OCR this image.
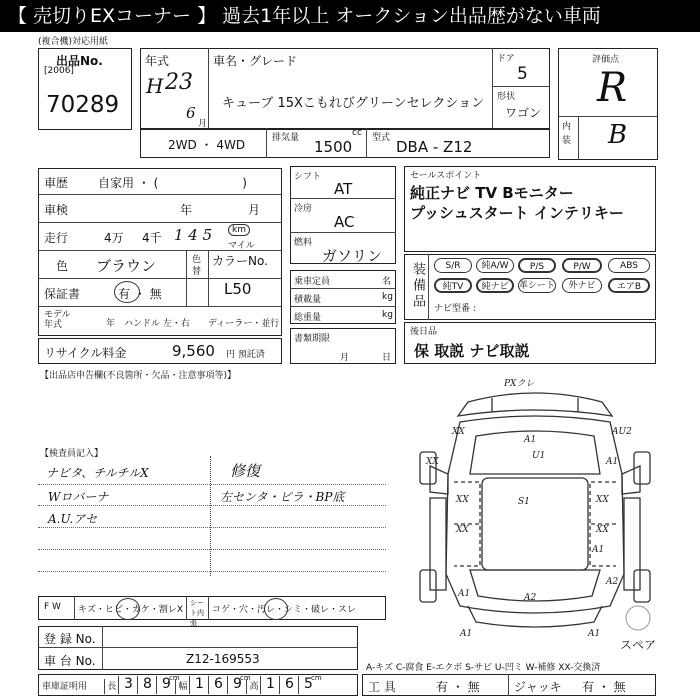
【 売切りEXコーナー 】 過去1年以上 オークション出品歴がない車両
(複合機)対応用紙
出品No.
[2006]
70289
年式
H 23
6
月
車名・グレード
キューブ 15Xこもれびグリーンセレクション
ドア
5
形状
ワゴン
評価点
R
内装 B
2WD ・ 4WD	排気量	cc
1500 型式 DBA - Z12
車歴 自家用 ・ (　　　　　　　)
車検	年	月
走行	4万 4千 1 4 5	km
マイル
色 ブラウン	色替
カラーNo.
L50
保証書	有 ・ 無
モデル年式	年 ハンドル 左・右 ディーラー・並行
リサイクル料金	9,560 円 預託済
シフト
AT
冷房
AC
燃料
ガソリン
乗車定員	名
積載量	kg
総重量	kg
書類期限
月	日
セールスポイント
純正ナビ TV Bモニター
プッシュスタート インテリキー
装備品	S/R	純A/W	P/S	P/W	ABS
純TV	純ナビ	革シート	外ナビ	エアB
ナビ型番 :
後日品
保 取説 ナビ取説
【出品店申告欄(不良箇所・欠品・注意事項等)】
【検査員記入】
ナビタ、チルチルX
Wロバーナ
A.U.アセ
修復
左センタ・ピラ・BP底
PXクレ
A1
AU2
XX
XX	A1
U1
XX
XX
S1	XX
XX
A1
A2
A2
A1
A1	A1
スペア
F W キズ・ヒビ・カケ・割レX
シート内張
コゲ・穴・汚レ・シミ・破レ・スレ
登 録 No.
車 台 No.	Z12-169553
車庫証明用	長 3 8 9
cm
幅 1 6 9
cm
高 1 6 5
cm
A-キズ C-腐食 E-エクボ S-サビ U-凹ミ W-補修 XX-交換済
工 具	有 ・ 無	ジャッキ 有 ・ 無
